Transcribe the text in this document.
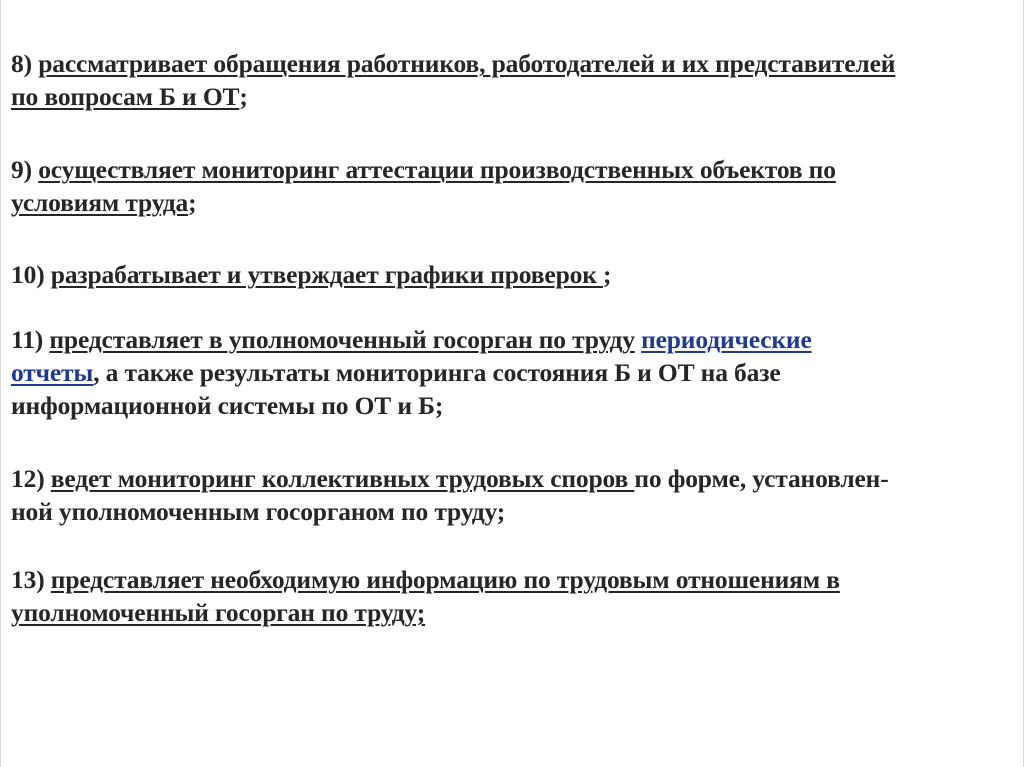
8) рассматривает обращения работников, работодателей и их представителей
по вопросам Б и ОТ;
9) осуществляет мониторинг аттестации производственных объектов по
условиям труда;
10) разрабатывает и утверждает графики проверок ;
11) представляет в уполномоченный госорган по труду периодические
отчеты, а также результаты мониторинга состояния Б и ОТ на базе
информационной системы по ОТ и Б;
12) ведет мониторинг коллективных трудовых споров по форме, установлен-
ной уполномоченным госорганом по труду;
13) представляет необходимую информацию по трудовым отношениям в
уполномоченный госорган по труду;
